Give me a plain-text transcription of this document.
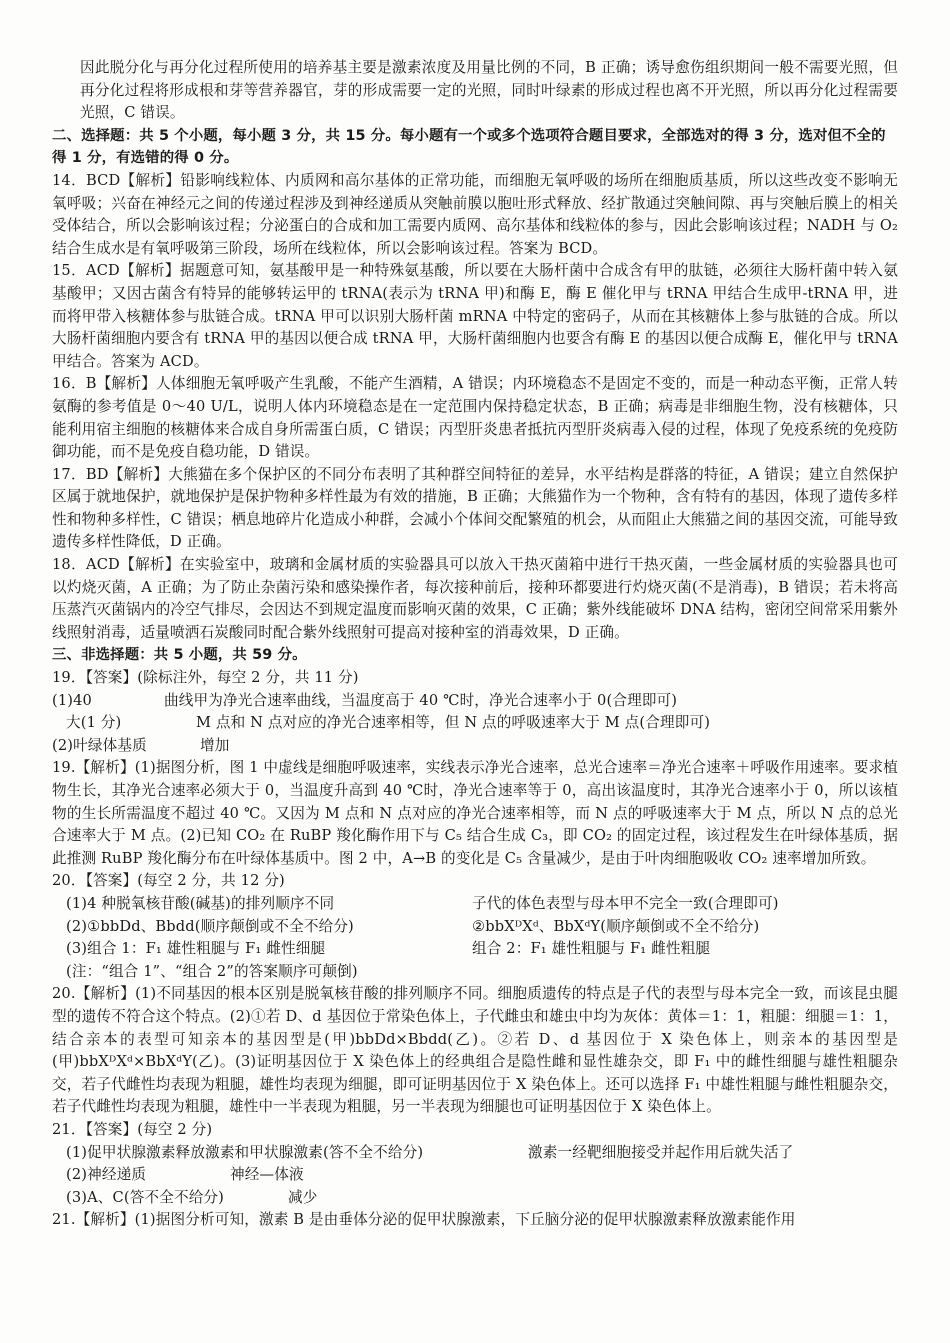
因此脱分化与再分化过程所使用的培养基主要是激素浓度及用量比例的不同，B 正确；诱导愈伤组织期间一般不需要光照，但再分化过程将形成根和芽等营养器官，芽的形成需要一定的光照，同时叶绿素的形成过程也离不开光照，所以再分化过程需要光照，C 错误。

二、选择题：共 5 个小题，每小题 3 分，共 15 分。每小题有一个或多个选项符合题目要求，全部选对的得 3 分，选对但不全的得 1 分，有选错的得 0 分。

14．BCD【解析】铅影响线粒体、内质网和高尔基体的正常功能，而细胞无氧呼吸的场所在细胞质基质，所以这些改变不影响无氧呼吸；兴奋在神经元之间的传递过程涉及到神经递质从突触前膜以胞吐形式释放、经扩散通过突触间隙、再与突触后膜上的相关受体结合，所以会影响该过程；分泌蛋白的合成和加工需要内质网、高尔基体和线粒体的参与，因此会影响该过程；NADH 与 O₂ 结合生成水是有氧呼吸第三阶段，场所在线粒体，所以会影响该过程。答案为 BCD。

15．ACD【解析】据题意可知，氨基酸甲是一种特殊氨基酸，所以要在大肠杆菌中合成含有甲的肽链，必须往大肠杆菌中转入氨基酸甲；又因古菌含有特异的能够转运甲的 tRNA(表示为 tRNA 甲)和酶 E，酶 E 催化甲与 tRNA 甲结合生成甲-tRNA 甲，进而将甲带入核糖体参与肽链合成。tRNA 甲可以识别大肠杆菌 mRNA 中特定的密码子，从而在其核糖体上参与肽链的合成。所以大肠杆菌细胞内要含有 tRNA 甲的基因以便合成 tRNA 甲，大肠杆菌细胞内也要含有酶 E 的基因以便合成酶 E，催化甲与 tRNA 甲结合。答案为 ACD。

16．B【解析】人体细胞无氧呼吸产生乳酸，不能产生酒精，A 错误；内环境稳态不是固定不变的，而是一种动态平衡，正常人转氨酶的参考值是 0～40 U/L，说明人体内环境稳态是在一定范围内保持稳定状态，B 正确；病毒是非细胞生物，没有核糖体，只能利用宿主细胞的核糖体来合成自身所需蛋白质，C 错误；丙型肝炎患者抵抗丙型肝炎病毒入侵的过程，体现了免疫系统的免疫防御功能，而不是免疫自稳功能，D 错误。

17．BD【解析】大熊猫在多个保护区的不同分布表明了其种群空间特征的差异，水平结构是群落的特征，A 错误；建立自然保护区属于就地保护，就地保护是保护物种多样性最为有效的措施，B 正确；大熊猫作为一个物种，含有特有的基因，体现了遗传多样性和物种多样性，C 错误；栖息地碎片化造成小种群，会减小个体间交配繁殖的机会，从而阻止大熊猫之间的基因交流，可能导致遗传多样性降低，D 正确。

18．ACD【解析】在实验室中，玻璃和金属材质的实验器具可以放入干热灭菌箱中进行干热灭菌，一些金属材质的实验器具也可以灼烧灭菌，A 正确；为了防止杂菌污染和感染操作者，每次接种前后，接种环都要进行灼烧灭菌(不是消毒)，B 错误；若未将高压蒸汽灭菌锅内的冷空气排尽，会因达不到规定温度而影响灭菌的效果，C 正确；紫外线能破坏 DNA 结构，密闭空间常采用紫外线照射消毒，适量喷洒石炭酸同时配合紫外线照射可提高对接种室的消毒效果，D 正确。

三、非选择题：共 5 小题，共 59 分。

19．【答案】(除标注外，每空 2 分，共 11 分)

(1)40	曲线甲为净光合速率曲线，当温度高于 40 ℃时，净光合速率小于 0(合理即可)
大(1 分)	M 点和 N 点对应的净光合速率相等，但 N 点的呼吸速率大于 M 点(合理即可)
(2)叶绿体基质	增加

19.【解析】(1)据图分析，图 1 中虚线是细胞呼吸速率，实线表示净光合速率，总光合速率＝净光合速率＋呼吸作用速率。要求植物生长，其净光合速率必须大于 0，当温度升高到 40 ℃时，净光合速率等于 0，高出该温度时，其净光合速率小于 0，所以该植物的生长所需温度不超过 40 ℃。又因为 M 点和 N 点对应的净光合速率相等，而 N 点的呼吸速率大于 M 点，所以 N 点的总光合速率大于 M 点。(2)已知 CO₂ 在 RuBP 羧化酶作用下与 C₅ 结合生成 C₃，即 CO₂ 的固定过程，该过程发生在叶绿体基质，据此推测 RuBP 羧化酶分布在叶绿体基质中。图 2 中，A→B 的变化是 C₅ 含量减少，是由于叶肉细胞吸收 CO₂ 速率增加所致。

20．【答案】(每空 2 分，共 12 分)

(1)4 种脱氧核苷酸(碱基)的排列顺序不同	子代的体色表型与母本甲不完全一致(合理即可)
(2)①bbDd、Bbdd(顺序颠倒或不全不给分)	②bbXᴰXᵈ、BbXᵈY(顺序颠倒或不全不给分)
(3)组合 1：F₁ 雄性粗腿与 F₁ 雌性细腿	组合 2：F₁ 雄性粗腿与 F₁ 雌性粗腿

(注：“组合 1”、“组合 2”的答案顺序可颠倒)

20.【解析】(1)不同基因的根本区别是脱氧核苷酸的排列顺序不同。细胞质遗传的特点是子代的表型与母本完全一致，而该昆虫腿型的遗传不符合这个特点。(2)①若 D、d 基因位于常染色体上，子代雌虫和雄虫中均为灰体：黄体＝1：1，粗腿：细腿＝1：1，结合亲本的表型可知亲本的基因型是(甲)bbDd×Bbdd(乙)。②若 D、d 基因位于 X 染色体上，则亲本的基因型是(甲)bbXᴰXᵈ×BbXᵈY(乙)。(3)证明基因位于 X 染色体上的经典组合是隐性雌和显性雄杂交，即 F₁ 中的雌性细腿与雄性粗腿杂交，若子代雌性均表现为粗腿，雄性均表现为细腿，即可证明基因位于 X 染色体上。还可以选择 F₁ 中雄性粗腿与雌性粗腿杂交，若子代雌性均表现为粗腿，雄性中一半表现为粗腿，另一半表现为细腿也可证明基因位于 X 染色体上。

21．【答案】(每空 2 分)

(1)促甲状腺激素释放激素和甲状腺激素(答不全不给分)	激素一经靶细胞接受并起作用后就失活了
(2)神经递质	神经—体液
(3)A、C(答不全不给分)	减少

21.【解析】(1)据图分析可知，激素 B 是由垂体分泌的促甲状腺激素，下丘脑分泌的促甲状腺激素释放激素能作用
